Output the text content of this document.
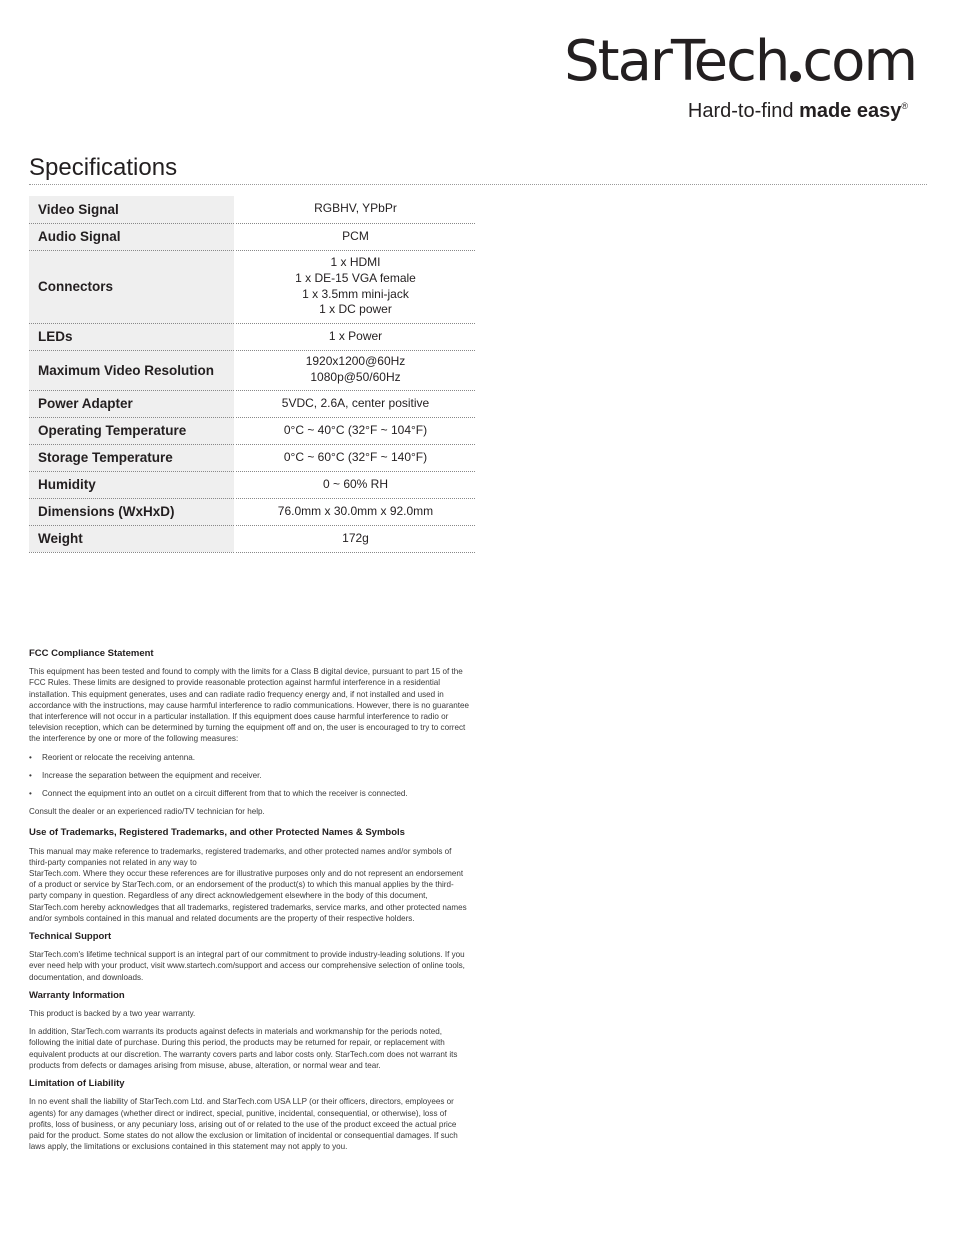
StarTech com
Hard-to-find made easy®
Specifications
Video Signal	RGBHV, YPbPr

Audio Signal	PCM

Connectors	1 x HDMI
1 x DE-15 VGA female
1 x 3.5mm mini-jack
1 x DC power

LEDs	1 x Power

Maximum Video Resolution	1920x1200@60Hz
1080p@50/60Hz

Power Adapter	5VDC, 2.6A, center positive

Operating Temperature	0°C ~ 40°C (32°F ~ 104°F)

Storage Temperature	0°C ~ 60°C (32°F ~ 140°F)

Humidity	0 ~ 60% RH

Dimensions (WxHxD)	76.0mm x 30.0mm x 92.0mm

Weight	172g
FCC Compliance Statement

This equipment has been tested and found to comply with the limits for a Class B digital device, pursuant to part 15 of the FCC Rules. These limits are designed to provide reasonable protection against harmful interference in a residential installation. This equipment generates, uses and can radiate radio frequency energy and, if not installed and used in accordance with the instructions, may cause harmful interference to radio communications. However, there is no guarantee that interference will not occur in a particular installation. If this equipment does cause harmful interference to radio or television reception, which can be determined by turning the equipment off and on, the user is encouraged to try to correct the interference by one or more of the following measures:

• Reorient or relocate the receiving antenna.
• Increase the separation between the equipment and receiver.
• Connect the equipment into an outlet on a circuit different from that to which the receiver is connected.

Consult the dealer or an experienced radio/TV technician for help.

Use of Trademarks, Registered Trademarks, and other Protected Names & Symbols

This manual may make reference to trademarks, registered trademarks, and other protected names and/or symbols of third-party companies not related in any way to
StarTech.com. Where they occur these references are for illustrative purposes only and do not represent an endorsement of a product or service by StarTech.com, or an endorsement of the product(s) to which this manual applies by the third-party company in question. Regardless of any direct acknowledgement elsewhere in the body of this document, StarTech.com hereby acknowledges that all trademarks, registered trademarks, service marks, and other protected names and/or symbols contained in this manual and related documents are the property of their respective holders.

Technical Support

StarTech.com's lifetime technical support is an integral part of our commitment to provide industry-leading solutions. If you ever need help with your product, visit www.startech.com/support and access our comprehensive selection of online tools, documentation, and downloads.

Warranty Information

This product is backed by a two year warranty.

In addition, StarTech.com warrants its products against defects in materials and workmanship for the periods noted, following the initial date of purchase. During this period, the products may be returned for repair, or replacement with equivalent products at our discretion. The warranty covers parts and labor costs only. StarTech.com does not warrant its products from defects or damages arising from misuse, abuse, alteration, or normal wear and tear.

Limitation of Liability

In no event shall the liability of StarTech.com Ltd. and StarTech.com USA LLP (or their officers, directors, employees or agents) for any damages (whether direct or indirect, special, punitive, incidental, consequential, or otherwise), loss of profits, loss of business, or any pecuniary loss, arising out of or related to the use of the product exceed the actual price paid for the product. Some states do not allow the exclusion or limitation of incidental or consequential damages. If such laws apply, the limitations or exclusions contained in this statement may not apply to you.
